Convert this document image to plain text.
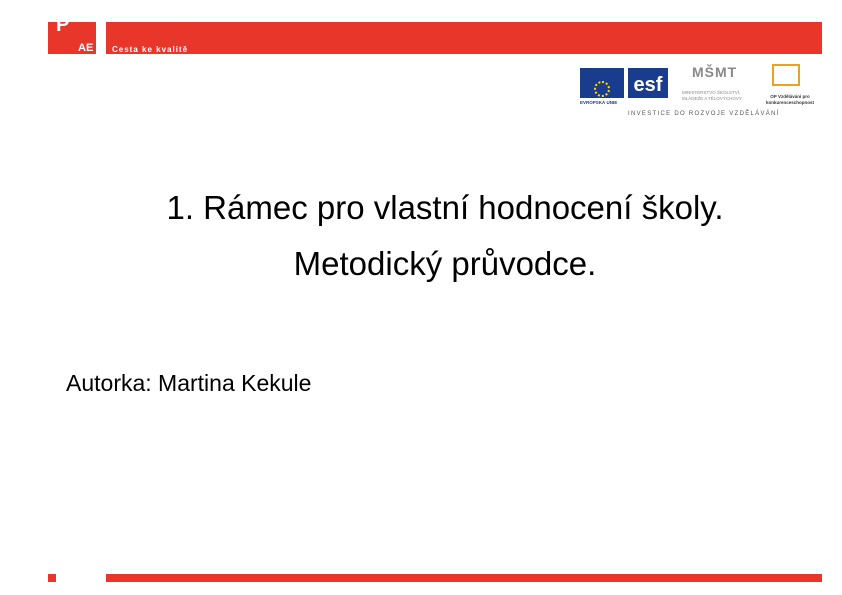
P
AE Cesta ke kvalitě
EVROPSKÁ UNIE
esf
MŠMT
MINISTERSTVO ŠKOLSTVÍ, MLÁDEŽE A TĚLOVÝCHOVY	OP Vzdělávání pro konkurenceschopnost
INVESTICE DO ROZVOJE VZDĚLÁVÁNÍ
1. Rámec pro vlastní hodnocení školy.
Metodický průvodce.
Autorka: Martina Kekule
